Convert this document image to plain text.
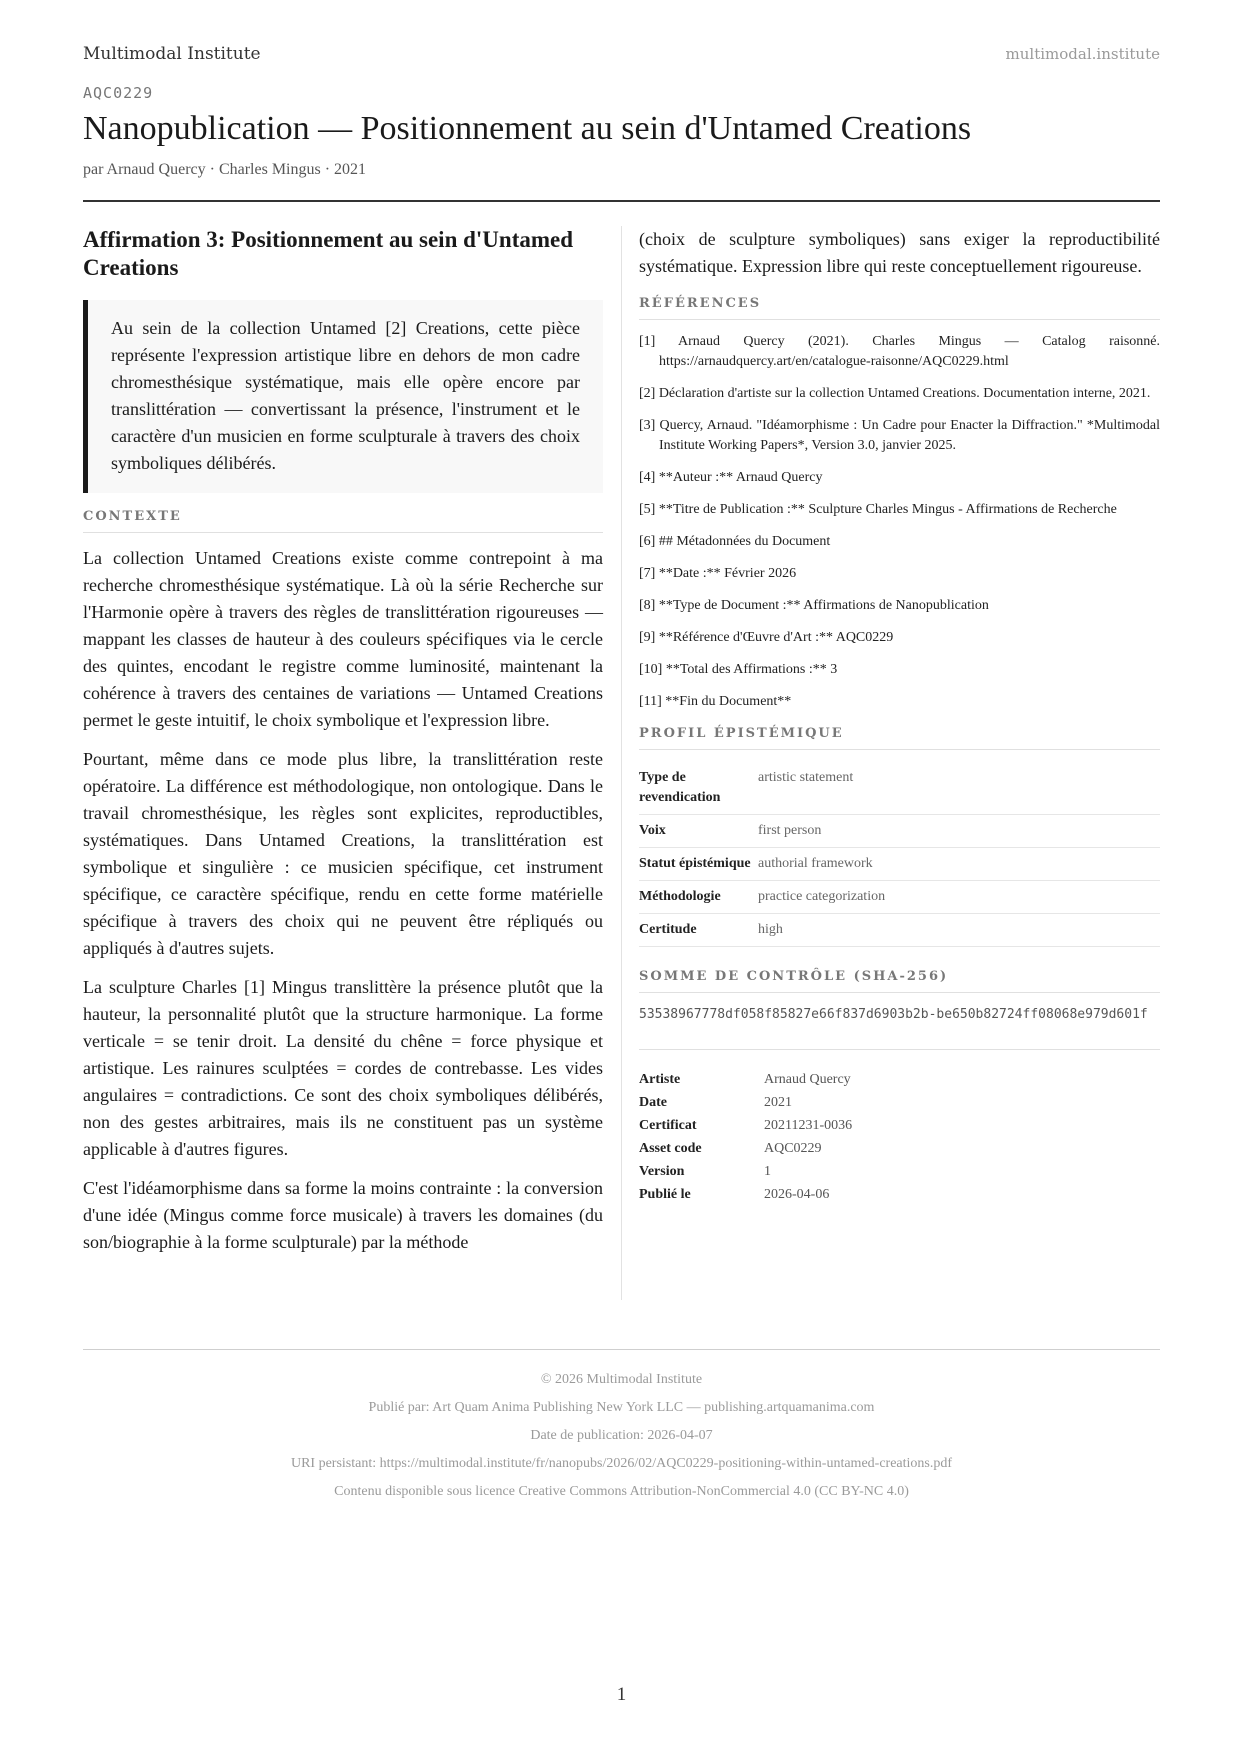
Multimodal Institute	multimodal.institute
AQC0229
Nanopublication — Positionnement au sein d'Untamed Creations
par Arnaud Quercy · Charles Mingus · 2021
Affirmation 3: Positionnement au sein d'Untamed Creations
Au sein de la collection Untamed [2] Creations, cette pièce représente l'expression artistique libre en dehors de mon cadre chromesthésique systématique, mais elle opère encore par translittération — convertissant la présence, l'instrument et le caractère d'un musicien en forme sculpturale à travers des choix symboliques délibérés.
CONTEXTE

La collection Untamed Creations existe comme contrepoint à ma recherche chromesthésique systématique. Là où la série Recherche sur l'Harmonie opère à travers des règles de translittération rigoureuses — mappant les classes de hauteur à des couleurs spécifiques via le cercle des quintes, encodant le registre comme luminosité, maintenant la cohérence à travers des centaines de variations — Untamed Creations permet le geste intuitif, le choix symbolique et l'expression libre.

Pourtant, même dans ce mode plus libre, la translittération reste opératoire. La différence est méthodologique, non ontologique. Dans le travail chromesthésique, les règles sont explicites, reproductibles, systématiques. Dans Untamed Creations, la translittération est symbolique et singulière : ce musicien spécifique, cet instrument spécifique, ce caractère spécifique, rendu en cette forme matérielle spécifique à travers des choix qui ne peuvent être répliqués ou appliqués à d'autres sujets.

La sculpture Charles [1] Mingus translittère la présence plutôt que la hauteur, la personnalité plutôt que la structure harmonique. La forme verticale = se tenir droit. La densité du chêne = force physique et artistique. Les rainures sculptées = cordes de contrebasse. Les vides angulaires = contradictions. Ce sont des choix symboliques délibérés, non des gestes arbitraires, mais ils ne constituent pas un système applicable à d'autres figures.

C'est l'idéamorphisme dans sa forme la moins contrainte : la conversion d'une idée (Mingus comme force musicale) à travers les domaines (du son/biographie à la forme sculpturale) par la méthode

(choix de sculpture symboliques) sans exiger la reproductibilité systématique. Expression libre qui reste conceptuellement rigoureuse.

RÉFÉRENCES
[1] Arnaud Quercy (2021). Charles Mingus — Catalog raisonné. https://arnaudquercy.art/en/catalogue-raisonne/AQC0229.html
[2] Déclaration d'artiste sur la collection Untamed Creations. Documentation interne, 2021.
[3] Quercy, Arnaud. "Idéamorphisme : Un Cadre pour Enacter la Diffraction." *Multimodal Institute Working Papers*, Version 3.0, janvier 2025.
[4] **Auteur :** Arnaud Quercy
[5] **Titre de Publication :** Sculpture Charles Mingus - Affirmations de Recherche
[6] ## Métadonnées du Document
[7] **Date :** Février 2026
[8] **Type de Document :** Affirmations de Nanopublication
[9] **Référence d'Œuvre d'Art :** AQC0229
[10] **Total des Affirmations :** 3
[11] **Fin du Document**
PROFIL ÉPISTÉMIQUE
Type de revendication	artistic statement
Voix	first person
Statut épistémique	authorial framework
Méthodologie	practice categorization
Certitude	high
SOMME DE CONTRÔLE (SHA-256)
53538967778df058f85827e66f837d6903b2b-be650b82724ff08068e979d601f
Artiste	Arnaud Quercy
Date	2021
Certificat	20211231-0036
Asset code	AQC0229
Version	1
Publié le	2026-04-06
© 2026 Multimodal Institute
Publié par: Art Quam Anima Publishing New York LLC — publishing.artquamanima.com
Date de publication: 2026-04-07
URI persistant: https://multimodal.institute/fr/nanopubs/2026/02/AQC0229-positioning-within-untamed-creations.pdf
Contenu disponible sous licence Creative Commons Attribution-NonCommercial 4.0 (CC BY-NC 4.0)
1
